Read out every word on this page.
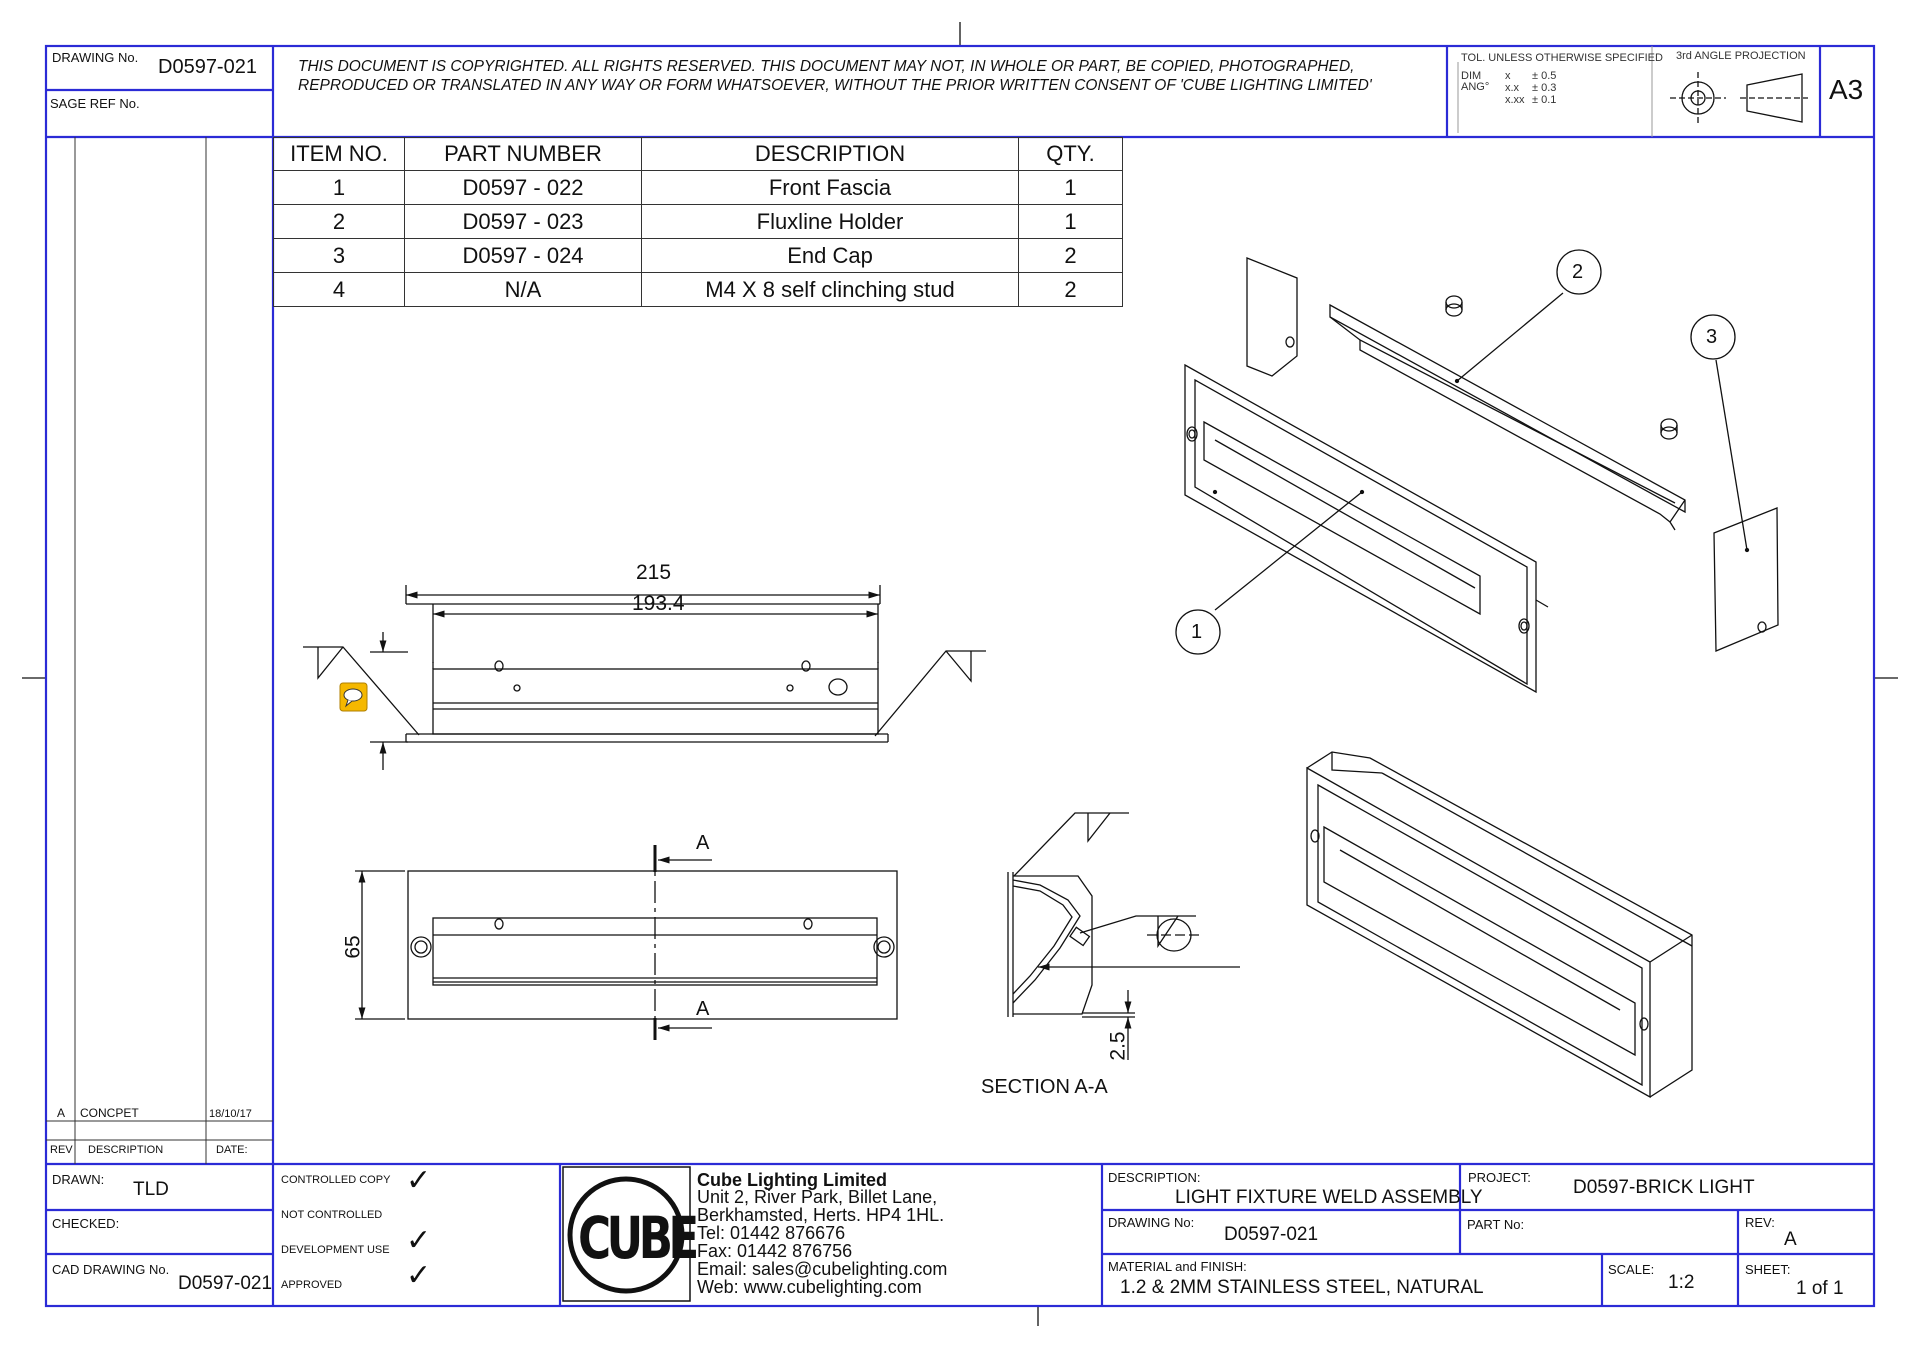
DRAWING No. D0597-021
SAGE REF No.
THIS DOCUMENT IS COPYRIGHTED. ALL RIGHTS RESERVED. THIS DOCUMENT MAY NOT, IN WHOLE OR PART, BE COPIED, PHOTOGRAPHED,
REPRODUCED OR TRANSLATED IN ANY WAY OR FORM WHATSOEVER, WITHOUT THE PRIOR WRITTEN CONSENT OF 'CUBE LIGHTING LIMITED'
TOL. UNLESS OTHERWISE SPECIFIED
DIM
ANG°
x ± 0.5
x.x ± 0.3
x.xx ± 0.1
3rd ANGLE PROJECTION
A3
ITEM NO.	PART NUMBER	DESCRIPTION	QTY.
1	D0597 - 022	Front Fascia	1
2	D0597 - 023	Fluxline Holder	1
3	D0597 - 024	End Cap	2
4	N/A	M4 X 8 self clinching stud	2
215
193.4
65
2.5
A
A
SECTION A-A
1
2
3
A CONCPET	18/10/17
REV DESCRIPTION	DATE:
DRAWN: TLD
CHECKED:
CAD DRAWING No.
D0597-021
CONTROLLED COPY
NOT CONTROLLED
DEVELOPMENT USE
APPROVED
✓
✓
✓
CUBE
Cube Lighting Limited
Unit 2, River Park, Billet Lane,
Berkhamsted, Herts. HP4 1HL.
Tel: 01442 876676
Fax: 01442 876756
Email: sales@cubelighting.com
Web: www.cubelighting.com
DESCRIPTION:
LIGHT FIXTURE WELD ASSEMBLY
PROJECT: D0597-BRICK LIGHT
DRAWING No:
D0597-021	PART No:	REV:
A
MATERIAL and FINISH:
1.2 & 2MM STAINLESS STEEL, NATURAL
SCALE:
1:2
SHEET:
1 of 1
